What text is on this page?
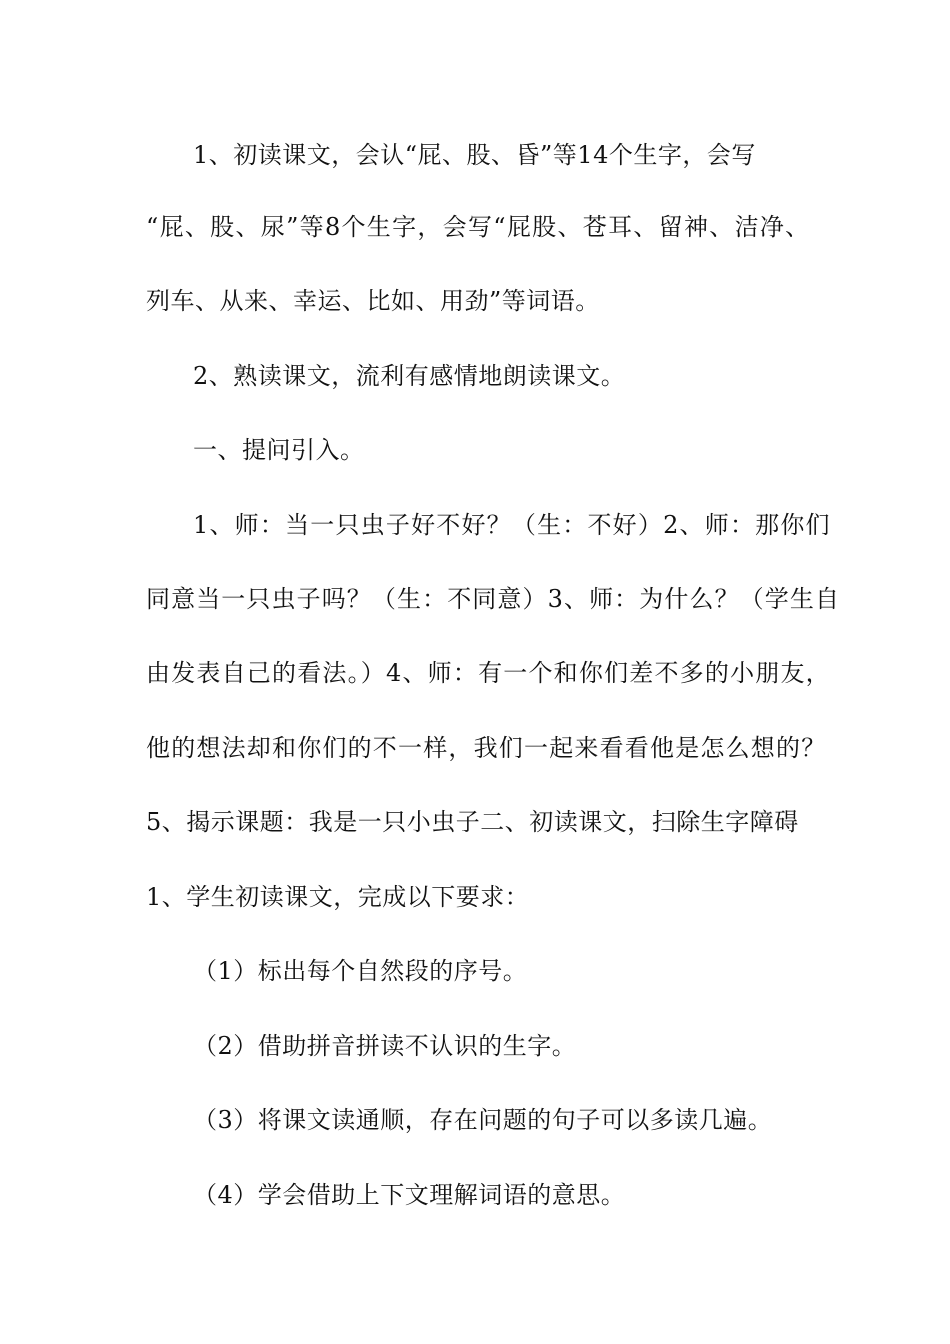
1、初读课文，会认“屁、股、昏”等14个生字，会写
“屁、股、尿”等8个生字，会写“屁股、苍耳、留神、洁净、
列车、从来、幸运、比如、用劲”等词语。
2、熟读课文，流利有感情地朗读课文。
一、提问引入。
1、师：当一只虫子好不好？（生：不好）2、师：那你们
同意当一只虫子吗？（生：不同意）3、师：为什么？（学生自
由发表自己的看法。）4、师：有一个和你们差不多的小朋友，
他的想法却和你们的不一样，我们一起来看看他是怎么想的？
5、揭示课题：我是一只小虫子二、初读课文，扫除生字障碍
1、学生初读课文，完成以下要求：
（1）标出每个自然段的序号。
（2）借助拼音拼读不认识的生字。
（3）将课文读通顺，存在问题的句子可以多读几遍。
（4）学会借助上下文理解词语的意思。
